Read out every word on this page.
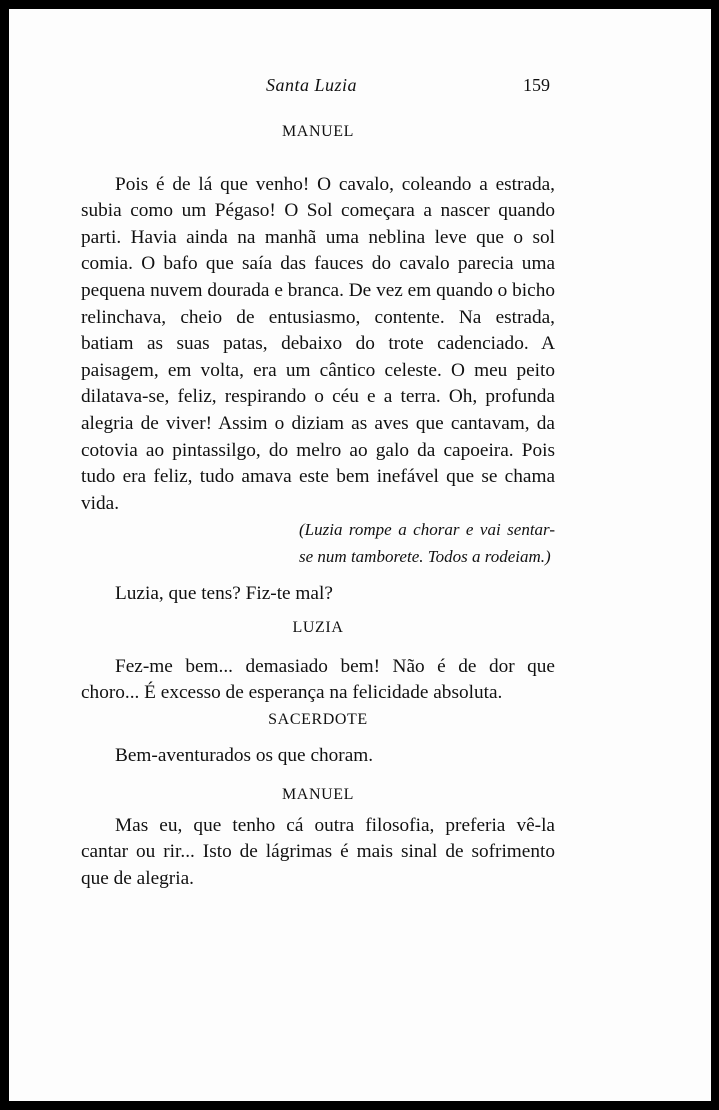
Santa Luzia	159
MANUEL

Pois é de lá que venho! O cavalo, coleando a estrada, subia como um Pégaso! O Sol começara a nascer quando parti. Havia ainda na manhã uma neblina leve que o sol comia. O bafo que saía das fauces do cavalo parecia uma pequena nuvem dourada e branca. De vez em quando o bicho relinchava, cheio de entusiasmo, contente. Na estrada, batiam as suas patas, debaixo do trote cadenciado. A paisagem, em volta, era um cântico celeste. O meu peito dilatava-se, feliz, respirando o céu e a terra. Oh, profunda alegria de viver! Assim o diziam as aves que cantavam, da cotovia ao pintassilgo, do melro ao galo da capoeira. Pois tudo era feliz, tudo amava este bem inefável que se chama vida.

(Luzia rompe a chorar e vai sentar-se num tamborete. Todos a rodeiam.)

Luzia, que tens? Fiz-te mal?

LUZIA

Fez-me bem... demasiado bem! Não é de dor que choro... É excesso de esperança na felicidade absoluta.

SACERDOTE

Bem-aventurados os que choram.

MANUEL

Mas eu, que tenho cá outra filosofia, preferia vê-la cantar ou rir... Isto de lágrimas é mais sinal de sofrimento que de alegria.
